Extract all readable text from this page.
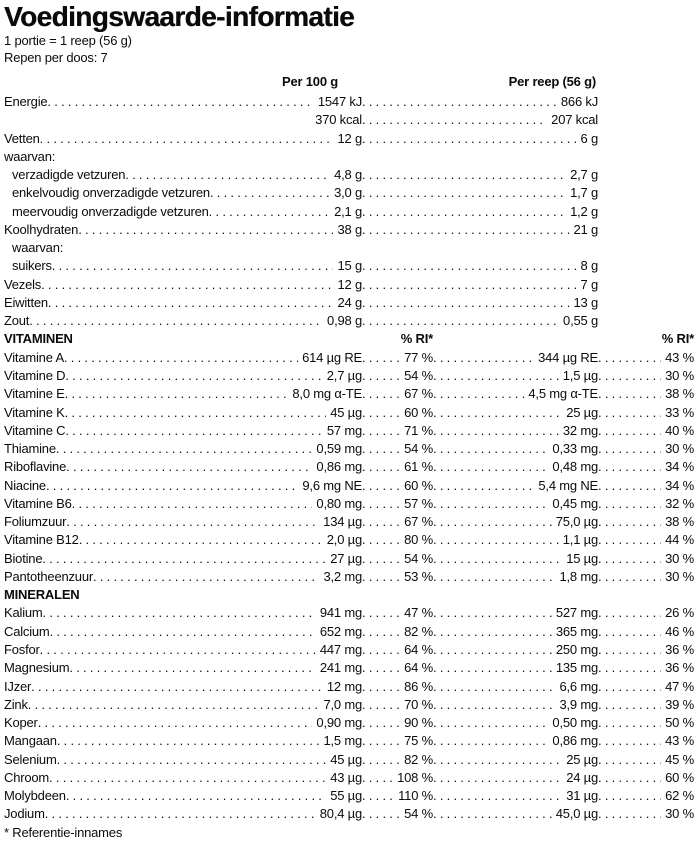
Voedingswaarde-informatie
1 portie = 1 reep (56 g)
Repen per doos: 7
Per 100 g	Per reep (56 g)
Energie . . .	1547 kJ . . .	866 kJ
370 kcal . . .	207 kcal
Vetten . . .	12 g . . .	6 g
waarvan:
verzadigde vetzuren . . .	4,8 g . . .	2,7 g
enkelvoudig onverzadigde vetzuren . . .	3,0 g . . .	1,7 g
meervoudig onverzadigde vetzuren . . .	2,1 g . . .	1,2 g
Koolhydraten . . .	38 g . . .	21 g
waarvan:
suikers . . .	15 g . . .	8 g
Vezels . . .	12 g . . .	7 g
Eiwitten . . .	24 g . . .	13 g
Zout . . .	0,98 g . . .	0,55 g
VITAMINEN	% RI*	% RI*
Vitamine A . . .	614 µg RE . . .	77 % . . .	344 µg RE . . .	43 %
Vitamine D . . .	2,7 µg . . .	54 % . . .	1,5 µg . . .	30 %
Vitamine E . . .	8,0 mg α-TE . . .	67 % . . .	4,5 mg α-TE . . .	38 %
Vitamine K . . .	45 µg . . .	60 % . . .	25 µg . . .	33 %
Vitamine C . . .	57 mg . . .	71 % . . .	32 mg . . .	40 %
Thiamine . . .	0,59 mg . . .	54 % . . .	0,33 mg . . .	30 %
Riboflavine . . .	0,86 mg . . .	61 % . . .	0,48 mg . . .	34 %
Niacine . . .	9,6 mg NE . . .	60 % . . .	5,4 mg NE . . .	34 %
Vitamine B6 . . .	0,80 mg . . .	57 % . . .	0,45 mg . . .	32 %
Foliumzuur . . .	134 µg . . .	67 % . . .	75,0 µg . . .	38 %
Vitamine B12 . . .	2,0 µg . . .	80 % . . .	1,1 µg . . .	44 %
Biotine . . .	27 µg . . .	54 % . . .	15 µg . . .	30 %
Pantotheenzuur . . .	3,2 mg . . .	53 % . . .	1,8 mg . . .	30 %
MINERALEN
Kalium . . .	941 mg . . .	47 % . . .	527 mg . . .	26 %
Calcium . . .	652 mg . . .	82 % . . .	365 mg . . .	46 %
Fosfor . . .	447 mg . . .	64 % . . .	250 mg . . .	36 %
Magnesium . . .	241 mg . . .	64 % . . .	135 mg . . .	36 %
IJzer . . .	12 mg . . .	86 % . . .	6,6 mg . . .	47 %
Zink . . .	7,0 mg . . .	70 % . . .	3,9 mg . . .	39 %
Koper . . .	0,90 mg . . .	90 % . . .	0,50 mg . . .	50 %
Mangaan . . .	1,5 mg . . .	75 % . . .	0,86 mg . . .	43 %
Selenium . . .	45 µg . . .	82 % . . .	25 µg . . .	45 %
Chroom . . .	43 µg . . .	108 % . . .	24 µg . . .	60 %
Molybdeen . . .	55 µg . . .	110 % . . .	31 µg . . .	62 %
Jodium . . .	80,4 µg . . .	54 % . . .	45,0 µg . . .	30 %
* Referentie-innames
